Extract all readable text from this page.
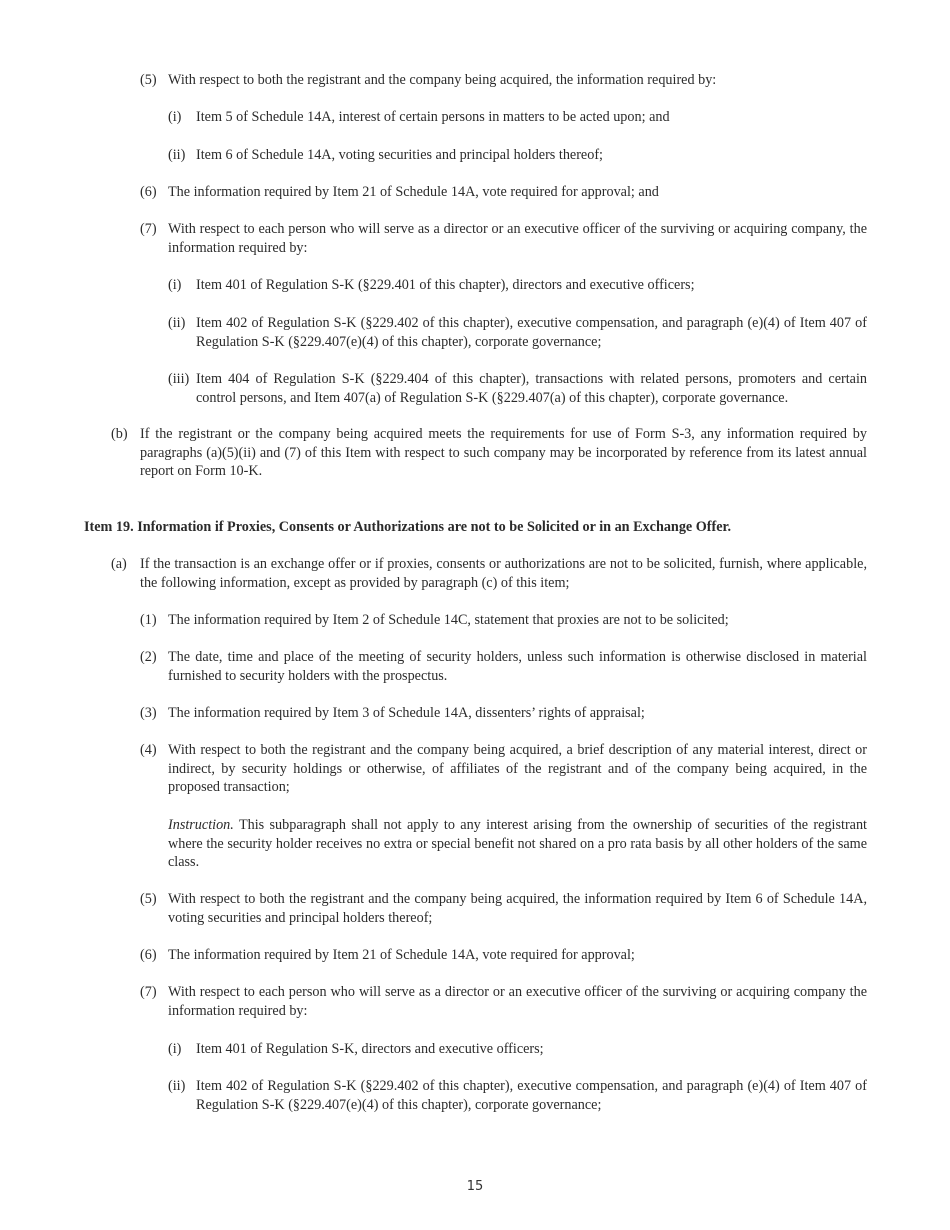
(5) With respect to both the registrant and the company being acquired, the information required by:
(i)	Item 5 of Schedule 14A, interest of certain persons in matters to be acted upon; and
(ii) Item 6 of Schedule 14A, voting securities and principal holders thereof;
(6) The information required by Item 21 of Schedule 14A, vote required for approval; and
(7) With respect to each person who will serve as a director or an executive officer of the surviving or acquiring company, the information required by:
(i)	Item 401 of Regulation S-K (§229.401 of this chapter), directors and executive officers;
(ii) Item 402 of Regulation S-K (§229.402 of this chapter), executive compensation, and paragraph (e)(4) of Item 407 of Regulation S-K (§229.407(e)(4) of this chapter), corporate governance;
(iii) Item 404 of Regulation S-K (§229.404 of this chapter), transactions with related persons, promoters and certain control persons, and Item 407(a) of Regulation S-K (§229.407(a) of this chapter), corporate governance.
(b) If the registrant or the company being acquired meets the requirements for use of Form S-3, any information required by paragraphs (a)(5)(ii) and (7) of this Item with respect to such company may be incorporated by reference from its latest annual report on Form 10-K.
Item 19. Information if Proxies, Consents or Authorizations are not to be Solicited or in an Exchange Offer.
(a) If the transaction is an exchange offer or if proxies, consents or authorizations are not to be solicited, furnish, where applicable, the following information, except as provided by paragraph (c) of this item;
(1) The information required by Item 2 of Schedule 14C, statement that proxies are not to be solicited;
(2) The date, time and place of the meeting of security holders, unless such information is otherwise disclosed in material furnished to security holders with the prospectus.
(3) The information required by Item 3 of Schedule 14A, dissenters’ rights of appraisal;
(4) With respect to both the registrant and the company being acquired, a brief description of any material interest, direct or indirect, by security holdings or otherwise, of affiliates of the registrant and of the company being acquired, in the proposed transaction;
Instruction. This subparagraph shall not apply to any interest arising from the ownership of securities of the registrant where the security holder receives no extra or special benefit not shared on a pro rata basis by all other holders of the same class.
(5) With respect to both the registrant and the company being acquired, the information required by Item 6 of Schedule 14A, voting securities and principal holders thereof;
(6) The information required by Item 21 of Schedule 14A, vote required for approval;
(7) With respect to each person who will serve as a director or an executive officer of the surviving or acquiring company the information required by:
(i)	Item 401 of Regulation S-K, directors and executive officers;
(ii) Item 402 of Regulation S-K (§229.402 of this chapter), executive compensation, and paragraph (e)(4) of Item 407 of Regulation S-K (§229.407(e)(4) of this chapter), corporate governance;
15
